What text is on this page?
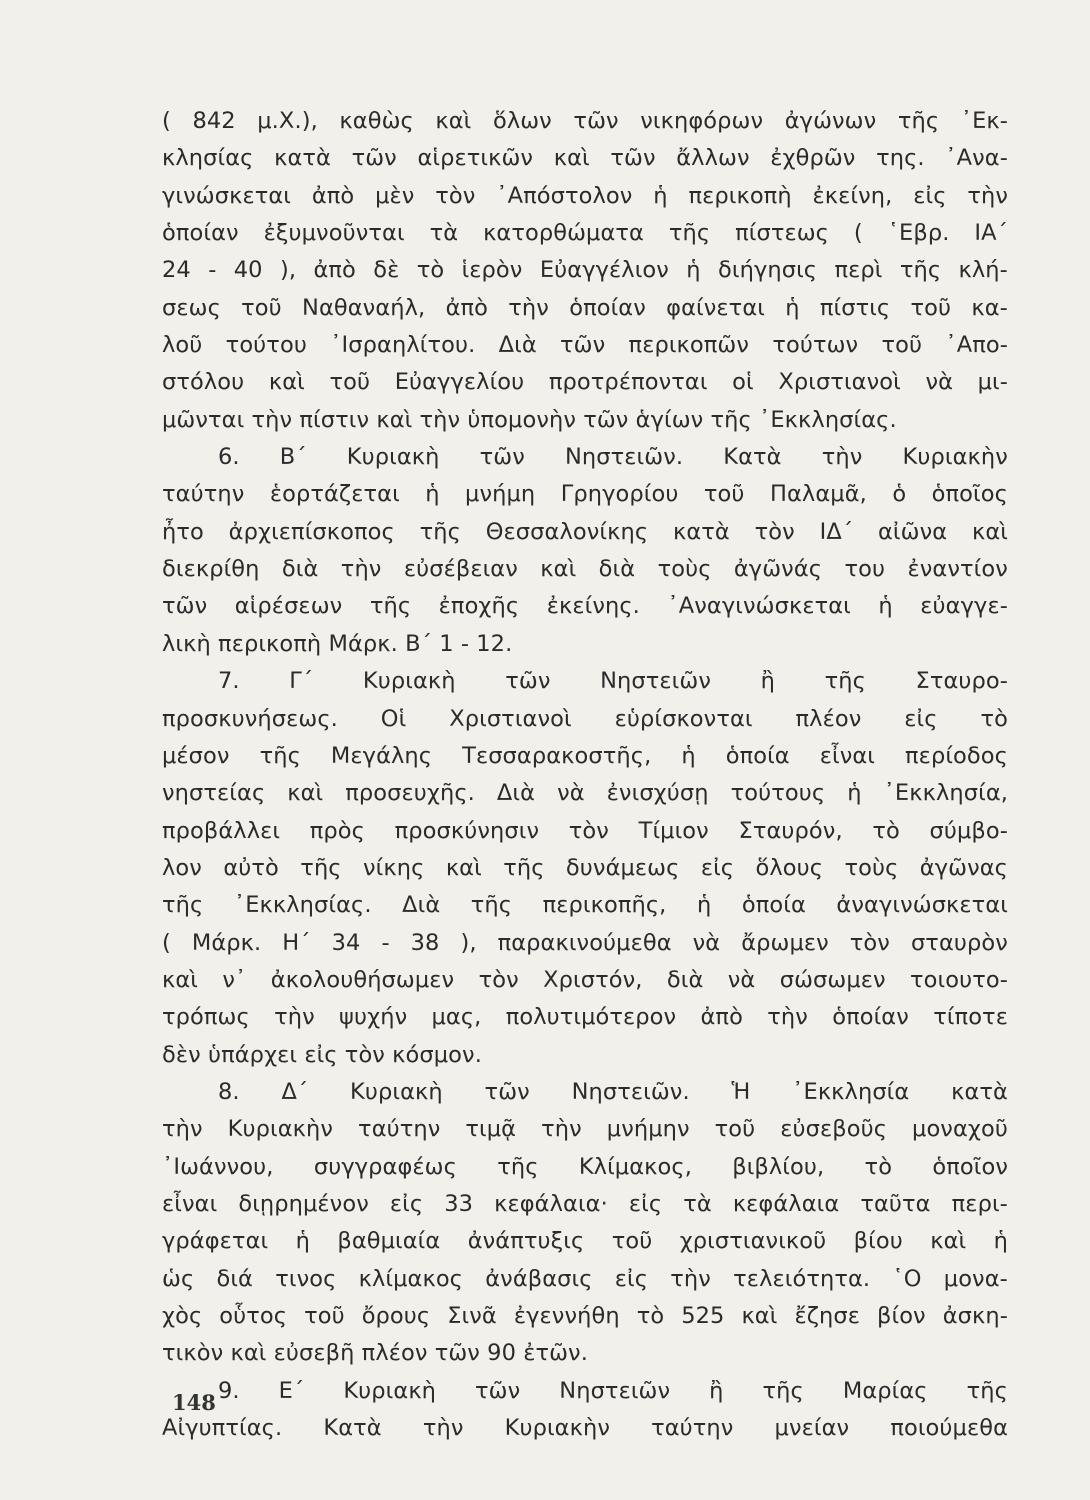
( 842 μ.Χ.), καθὼς καὶ ὅλων τῶν νικηφόρων ἀγώνων τῆς ᾿Εκ-
κλησίας κατὰ τῶν αἱρετικῶν καὶ τῶν ἄλλων ἐχθρῶν της. ᾿Ανα-
γινώσκεται ἀπὸ μὲν τὸν ᾿Απόστολον ἡ περικοπὴ ἐκείνη, εἰς τὴν
ὁποίαν ἐξυμνοῦνται τὰ κατορθώματα τῆς πίστεως ( ῾Εβρ. ΙΑ΄
24 - 40 ), ἀπὸ δὲ τὸ ἱερὸν Εὐαγγέλιον ἡ διήγησις περὶ τῆς κλή-
σεως τοῦ Ναθαναήλ, ἀπὸ τὴν ὁποίαν φαίνεται ἡ πίστις τοῦ κα-
λοῦ τούτου ᾿Ισραηλίτου. Διὰ τῶν περικοπῶν τούτων τοῦ ᾿Απο-
στόλου καὶ τοῦ Εὐαγγελίου προτρέπονται οἱ Χριστιανοὶ νὰ μι-
μῶνται τὴν πίστιν καὶ τὴν ὑπομονὴν τῶν ἁγίων τῆς ᾿Εκκλησίας.
6. Β΄ Κυριακὴ τῶν Νηστειῶν. Κατὰ τὴν Κυριακὴν
ταύτην ἑορτάζεται ἡ μνήμη Γρηγορίου τοῦ Παλαμᾶ, ὁ ὁποῖος
ἦτο ἀρχιεπίσκοπος τῆς Θεσσαλονίκης κατὰ τὸν ΙΔ΄ αἰῶνα καὶ
διεκρίθη διὰ τὴν εὐσέβειαν καὶ διὰ τοὺς ἀγῶνάς του ἐναντίον
τῶν αἱρέσεων τῆς ἐποχῆς ἐκείνης. ᾿Αναγινώσκεται ἡ εὐαγγε-
λικὴ περικοπὴ Μάρκ. Β΄ 1 - 12.
7. Γ΄ Κυριακὴ τῶν Νηστειῶν ἢ τῆς Σταυρο-
προσκυνήσεως. Οἱ Χριστιανοὶ εὑρίσκονται πλέον εἰς τὸ
μέσον τῆς Μεγάλης Τεσσαρακοστῆς, ἡ ὁποία εἶναι περίοδος
νηστείας καὶ προσευχῆς. Διὰ νὰ ἐνισχύσῃ τούτους ἡ ᾿Εκκλησία,
προβάλλει πρὸς προσκύνησιν τὸν Τίμιον Σταυρόν, τὸ σύμβο-
λον αὐτὸ τῆς νίκης καὶ τῆς δυνάμεως εἰς ὅλους τοὺς ἀγῶνας
τῆς ᾿Εκκλησίας. Διὰ τῆς περικοπῆς, ἡ ὁποία ἀναγινώσκεται
( Μάρκ. Η΄ 34 - 38 ), παρακινούμεθα νὰ ἄρωμεν τὸν σταυρὸν
καὶ ν᾿ ἀκολουθήσωμεν τὸν Χριστόν, διὰ νὰ σώσωμεν τοιουτο-
τρόπως τὴν ψυχήν μας, πολυτιμότερον ἀπὸ τὴν ὁποίαν τίποτε
δὲν ὑπάρχει εἰς τὸν κόσμον.
8. Δ΄ Κυριακὴ τῶν Νηστειῶν. Ἡ ᾿Εκκλησία κατὰ
τὴν Κυριακὴν ταύτην τιμᾷ τὴν μνήμην τοῦ εὐσεβοῦς μοναχοῦ
᾿Ιωάννου, συγγραφέως τῆς Κλίμακος, βιβλίου, τὸ ὁποῖον
εἶναι διῃρημένον εἰς 33 κεφάλαια· εἰς τὰ κεφάλαια ταῦτα περι-
γράφεται ἡ βαθμιαία ἀνάπτυξις τοῦ χριστιανικοῦ βίου καὶ ἡ
ὡς διά τινος κλίμακος ἀνάβασις εἰς τὴν τελειότητα. ῾Ο μονα-
χὸς οὗτος τοῦ ὄρους Σινᾶ ἐγεννήθη τὸ 525 καὶ ἔζησε βίον ἀσκη-
τικὸν καὶ εὐσεβῆ πλέον τῶν 90 ἐτῶν.
9. Ε΄ Κυριακὴ τῶν Νηστειῶν ἢ τῆς Μαρίας τῆς
Αἰγυπτίας. Κατὰ τὴν Κυριακὴν ταύτην μνείαν ποιούμεθα
148
